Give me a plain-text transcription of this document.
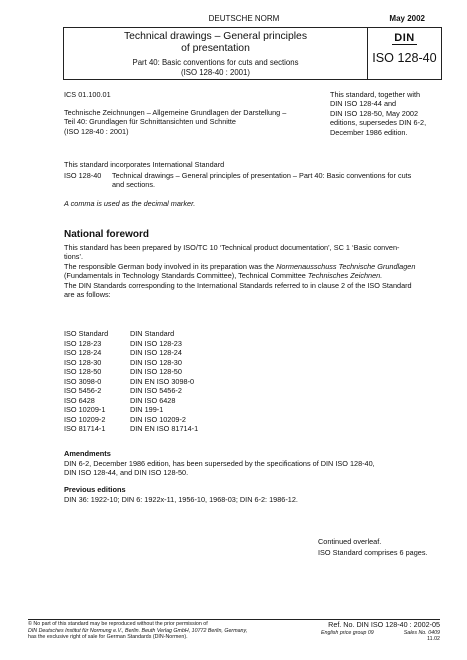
DEUTSCHE NORM	May 2002
Technical drawings – General principles
of presentation
Part 40: Basic conventions for cuts and sections
(ISO 128-40 : 2001)
DIN
ISO 128-40
ICS 01.100.01
Technische Zeichnungen – Allgemeine Grundlagen der Darstellung –
Teil 40: Grundlagen für Schnittansichten und Schnitte
(ISO 128-40 : 2001)
This standard, together with
DIN ISO 128-44 and
DIN ISO 128-50, May 2002
editions, supersedes DIN 6-2,
December 1986 edition.
This standard incorporates International Standard
ISO 128-40 Technical drawings – General principles of presentation – Part 40: Basic conventions for cuts
and sections.
A comma is used as the decimal marker.
National foreword
This standard has been prepared by ISO/TC 10 ‘Technical product documentation’, SC 1 ‘Basic conven-
tions’.
The responsible German body involved in its preparation was the Normenausschuss Technische Grundlagen
(Fundamentals in Technology Standards Committee), Technical Committee Technisches Zeichnen.
The DIN Standards corresponding to the International Standards referred to in clause 2 of the ISO Standard
are as follows:
ISO Standard	DIN Standard
ISO 128-23	DIN ISO 128-23
ISO 128-24	DIN ISO 128-24
ISO 128-30	DIN ISO 128-30
ISO 128-50	DIN ISO 128-50
ISO 3098-0	DIN EN ISO 3098-0
ISO 5456-2	DIN ISO 5456-2
ISO 6428	DIN ISO 6428
ISO 10209-1	DIN 199-1
ISO 10209-2	DIN ISO 10209-2
ISO 81714-1	DIN EN ISO 81714-1
Amendments
DIN 6-2, December 1986 edition, has been superseded by the specifications of DIN ISO 128-40,
DIN ISO 128-44, and DIN ISO 128-50.
Previous editions
DIN 36: 1922-10; DIN 6: 1922x-11, 1956-10, 1968-03; DIN 6-2: 1986-12.
Continued overleaf.
ISO Standard comprises 6 pages.
© No part of this standard may be reproduced without the prior permission of
DIN Deutsches Institut für Normung e.V., Berlin. Beuth Verlag GmbH, 10772 Berlin, Germany,
has the exclusive right of sale for German Standards (DIN-Normen).
Ref. No. DIN ISO 128-40 : 2002-05
English price group 09	Sales No. 0409
11.02
